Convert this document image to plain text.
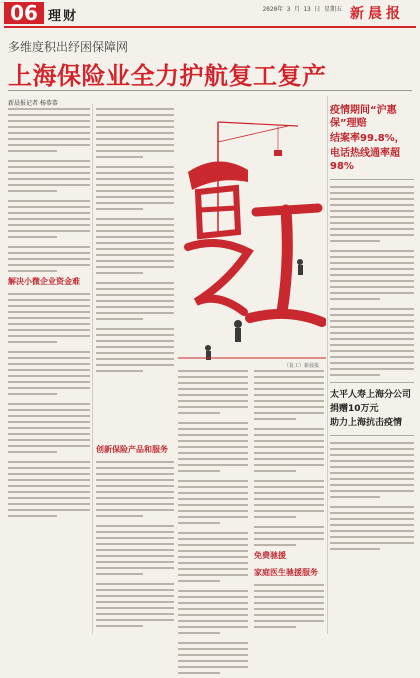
06 理财	2020年 3 月 13 日 星期五 新 晨 报
多维度积出纾困保障网
上海保险业全力护航复工复产
新晨报记者 杨恭恭
解决小微企业资金难
（复工）新晨报
创新保险产品和服务
免费驰援
家庭医生驰援服务
疫情期间“沪惠保”理赔
结案率99.8%，
电话热线通率超98%
太平人寿上海分公司
捐赠10万元
助力上海抗击疫情
